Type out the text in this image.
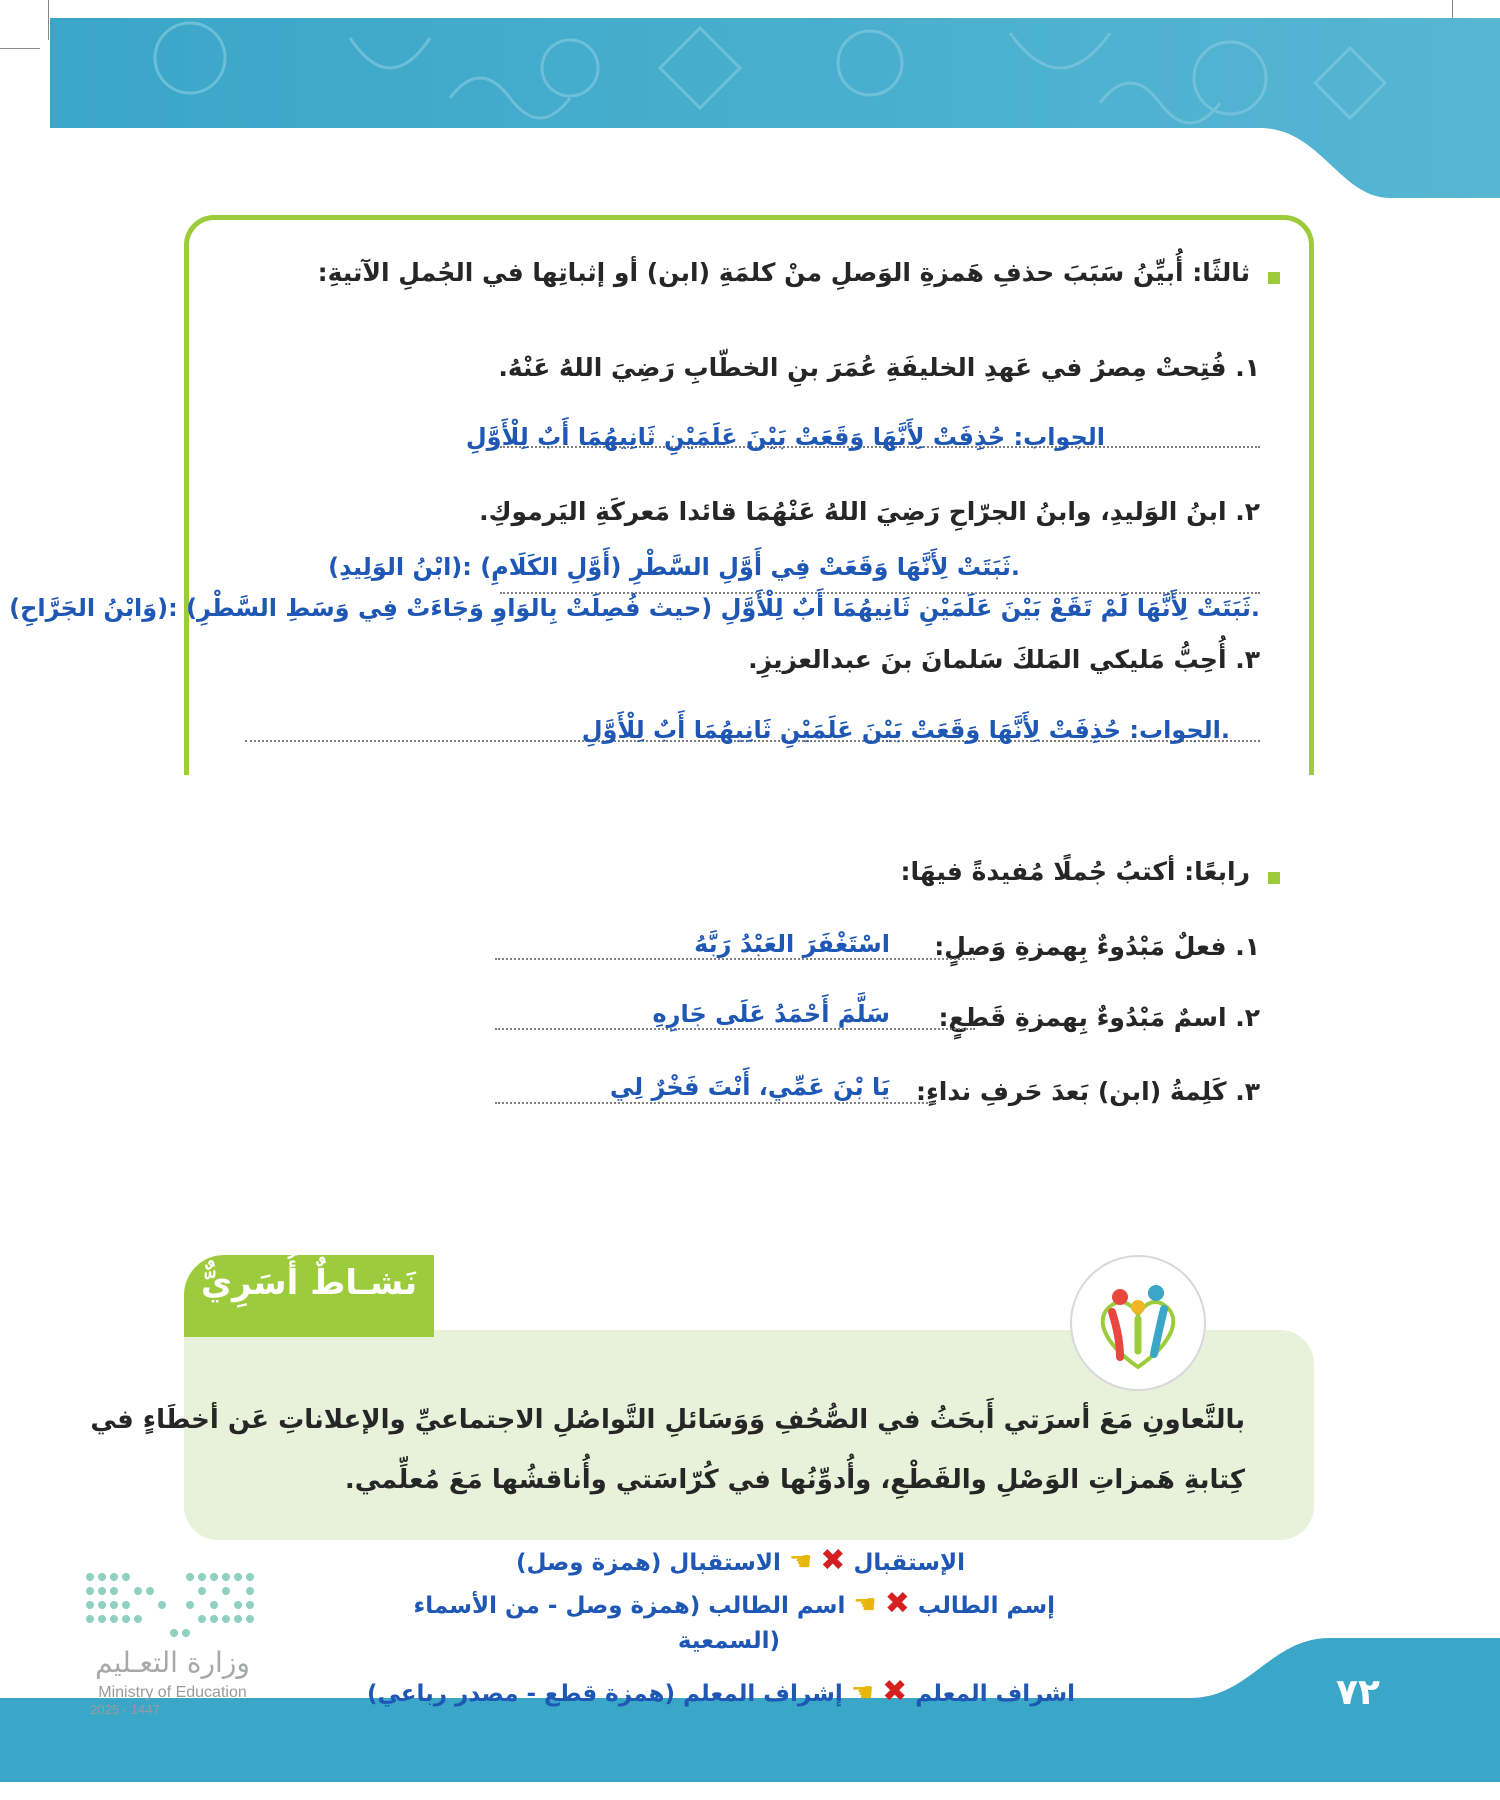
ثالثًا: أُبيِّنُ سَبَبَ حذفِ هَمزةِ الوَصلِ منْ كلمَةِ (ابن) أو إثباتِها في الجُملِ الآتيةِ:
١. فُتِحتْ مِصرُ في عَهدِ الخليفَةِ عُمَرَ بنِ الخطّابِ رَضِيَ اللهُ عَنْهُ.
الجواب: حُذِفَتْ لِأَنَّهَا وَقَعَتْ بَيْنَ عَلَمَيْنِ ثَانِيهُمَا أَبٌ لِلْأَوَّلِ
٢. ابنُ الوَليدِ، وابنُ الجرّاحِ رَضِيَ اللهُ عَنْهُمَا قائدا مَعركَةِ اليَرموكِ.
.ثَبَتَتْ لِأَنَّهَا وَقَعَتْ فِي أَوَّلِ السَّطْرِ (أَوَّلِ الكَلَامِ) :(ابْنُ الوَلِيدِ)
.ثَبَتَتْ لِأَنَّهَا لَمْ تَقَعْ بَيْنَ عَلَمَيْنِ ثَانِيهُمَا أَبٌ لِلْأَوَّلِ (حيث فُصِلَتْ بِالوَاوِ وَجَاءَتْ فِي وَسَطِ السَّطْرِ) :(وَابْنُ الجَرَّاحِ)
٣. أُحِبُّ مَليكي المَلكَ سَلمانَ بنَ عبدالعزيزِ.
.الجواب: حُذِفَتْ لِأَنَّهَا وَقَعَتْ بَيْنَ عَلَمَيْنِ ثَانِيهُمَا أَبٌ لِلْأَوَّلِ
رابعًا: أكتبُ جُملًا مُفيدةً فيهَا:
١. فعلٌ مَبْدُوءٌ بِهمزةِ وَصلٍ:
اسْتَغْفَرَ العَبْدُ رَبَّهُ
٢. اسمٌ مَبْدُوءٌ بِهمزةِ قَطعٍ:
سَلَّمَ أَحْمَدُ عَلَى جَارِهِ
٣. كَلِمةُ (ابن) بَعدَ حَرفِ نداءٍ:
يَا بْنَ عَمِّي، أَنْتَ فَخْرٌ لِي
نَشـاطٌ أُسَرِيٌّ
بالتَّعاونِ مَعَ أسرَتي أَبحَثُ في الصُّحُفِ وَوَسَائلِ التَّواصُلِ الاجتماعيِّ والإعلاناتِ عَن أخطَاءٍ في
كِتابةِ هَمزاتِ الوَصْلِ والقَطْعِ، وأُدوِّنُها في كُرّاسَتي وأُناقشُها مَعَ مُعلِّمي.
٧٢
الإستقبال ✖ ☚ الاستقبال (همزة وصل)
إسم الطالب ✖ ☚ اسم الطالب (همزة وصل - من الأسماء
(السمعية
اشراف المعلم ✖ ☚ إشراف المعلم (همزة قطع - مصدر رباعي)
وزارة التعـليم
Ministry of Education
2025 - 1447
